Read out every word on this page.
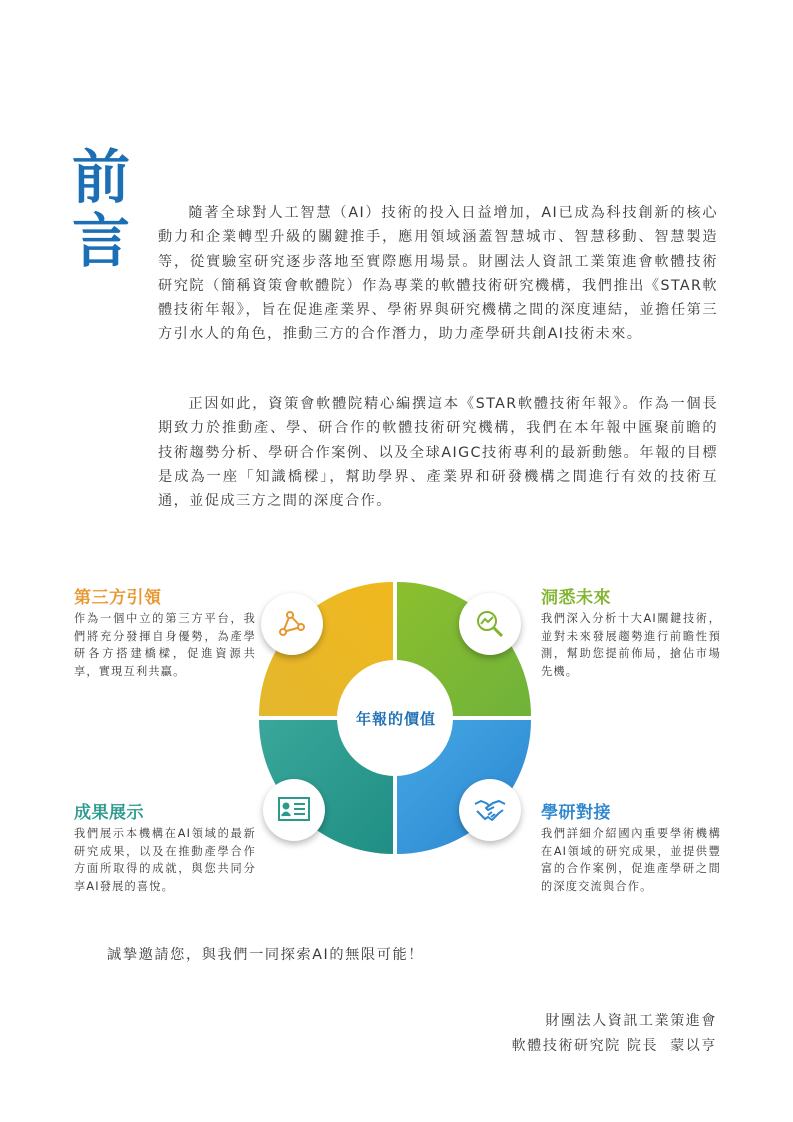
前
言	隨著全球對人工智慧（AI）技術的投入日益增加，AI已成為科技創新的核心動力和企業轉型升級的關鍵推手，應用領域涵蓋智慧城市、智慧移動、智慧製造等，從實驗室研究逐步落地至實際應用場景。財團法人資訊工業策進會軟體技術研究院（簡稱資策會軟體院）作為專業的軟體技術研究機構，我們推出《STAR軟體技術年報》，旨在促進產業界、學術界與研究機構之間的深度連結，並擔任第三方引水人的角色，推動三方的合作潛力，助力產學研共創AI技術未來。

正因如此，資策會軟體院精心編撰這本《STAR軟體技術年報》。作為一個長期致力於推動產、學、研合作的軟體技術研究機構，我們在本年報中匯聚前瞻的技術趨勢分析、學研合作案例、以及全球AIGC技術專利的最新動態。年報的目標是成為一座「知識橋樑」，幫助學界、產業界和研發機構之間進行有效的技術互通，並促成三方之間的深度合作。

年報的價值
第三方引領

作為一個中立的第三方平台，我們將充分發揮自身優勢，為產學研各方搭建橋樑，促進資源共享，實現互利共贏。

洞悉未來

我們深入分析十大AI關鍵技術，並對未來發展趨勢進行前瞻性預測，幫助您提前佈局，搶佔市場先機。

成果展示

我們展示本機構在AI領域的最新研究成果，以及在推動產學合作方面所取得的成就，與您共同分享AI發展的喜悅。

學研對接

我們詳細介紹國內重要學術機構在AI領域的研究成果，並提供豐富的合作案例，促進產學研之間的深度交流與合作。

誠摯邀請您，與我們一同探索AI的無限可能！

財團法人資訊工業策進會

軟體技術研究院 院長  蒙以亨
